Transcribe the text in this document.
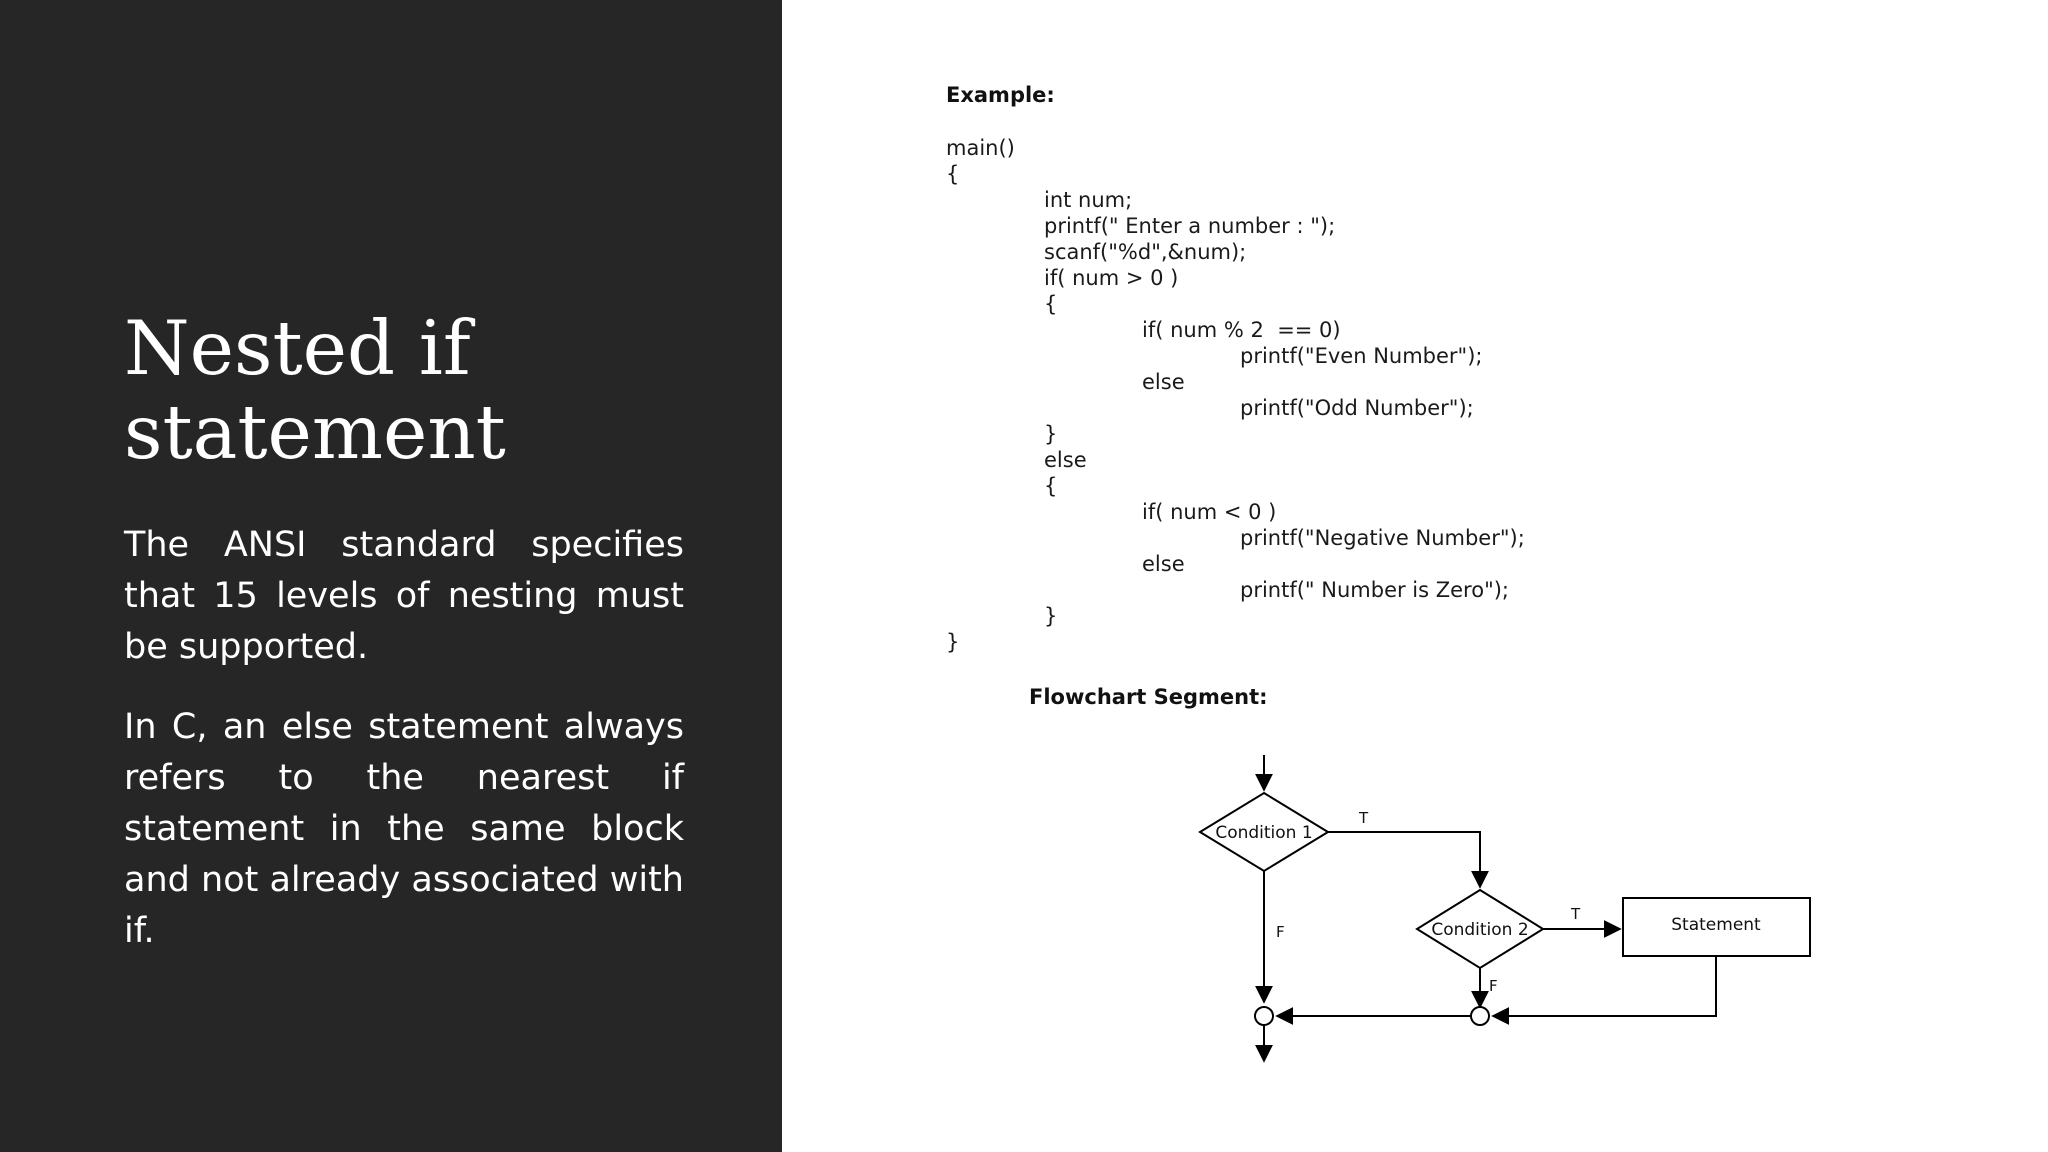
Nested if
statement

The ANSI standard specifies that 15 levels of nesting must be supported.

In C, an else statement always refers to the nearest if statement in the same block and not already associated with if.

Example:
main()
{
int num;
printf(" Enter a number : ");
scanf("%d",&num);
if( num > 0 )
{
if( num % 2  == 0)
printf("Even Number");
else
printf("Odd Number");
}
else
{
if( num < 0 )
printf("Negative Number");
else
printf(" Number is Zero");
}
}
Flowchart Segment:
Condition 1
Condition 2	Statement
T
T
F
F
